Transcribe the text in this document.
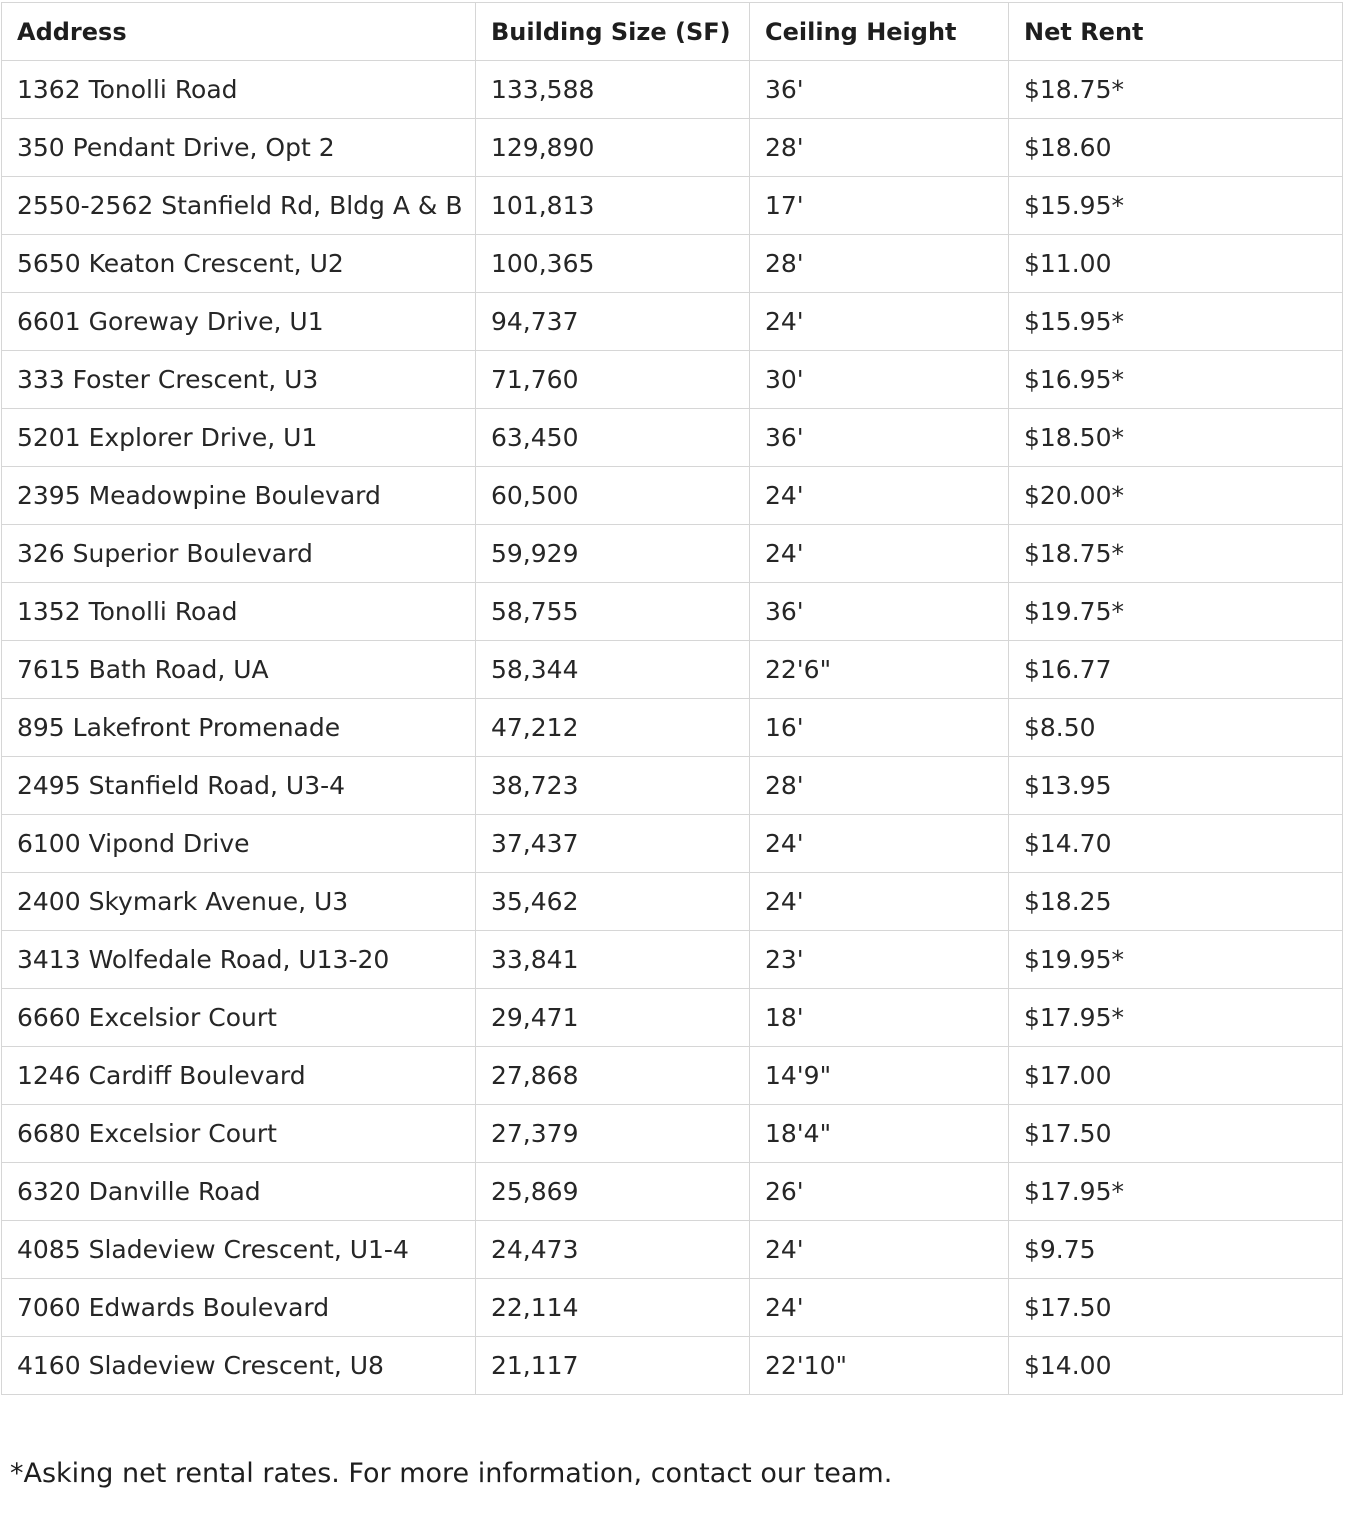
Address	Building Size (SF)	Ceiling Height	Net Rent
1362 Tonolli Road	133,588	36'	$18.75*
350 Pendant Drive, Opt 2	129,890	28'	$18.60
2550-2562 Stanfield Rd, Bldg A & B	101,813	17'	$15.95*
5650 Keaton Crescent, U2	100,365	28'	$11.00
6601 Goreway Drive, U1	94,737	24'	$15.95*
333 Foster Crescent, U3	71,760	30'	$16.95*
5201 Explorer Drive, U1	63,450	36'	$18.50*
2395 Meadowpine Boulevard	60,500	24'	$20.00*
326 Superior Boulevard	59,929	24'	$18.75*
1352 Tonolli Road	58,755	36'	$19.75*
7615 Bath Road, UA	58,344	22'6"	$16.77
895 Lakefront Promenade	47,212	16'	$8.50
2495 Stanfield Road, U3-4	38,723	28'	$13.95
6100 Vipond Drive	37,437	24'	$14.70
2400 Skymark Avenue, U3	35,462	24'	$18.25
3413 Wolfedale Road, U13-20	33,841	23'	$19.95*
6660 Excelsior Court	29,471	18'	$17.95*
1246 Cardiff Boulevard	27,868	14'9"	$17.00
6680 Excelsior Court	27,379	18'4"	$17.50
6320 Danville Road	25,869	26'	$17.95*
4085 Sladeview Crescent, U1-4	24,473	24'	$9.75
7060 Edwards Boulevard	22,114	24'	$17.50
4160 Sladeview Crescent, U8	21,117	22'10"	$14.00
*Asking net rental rates. For more information, contact our team.
